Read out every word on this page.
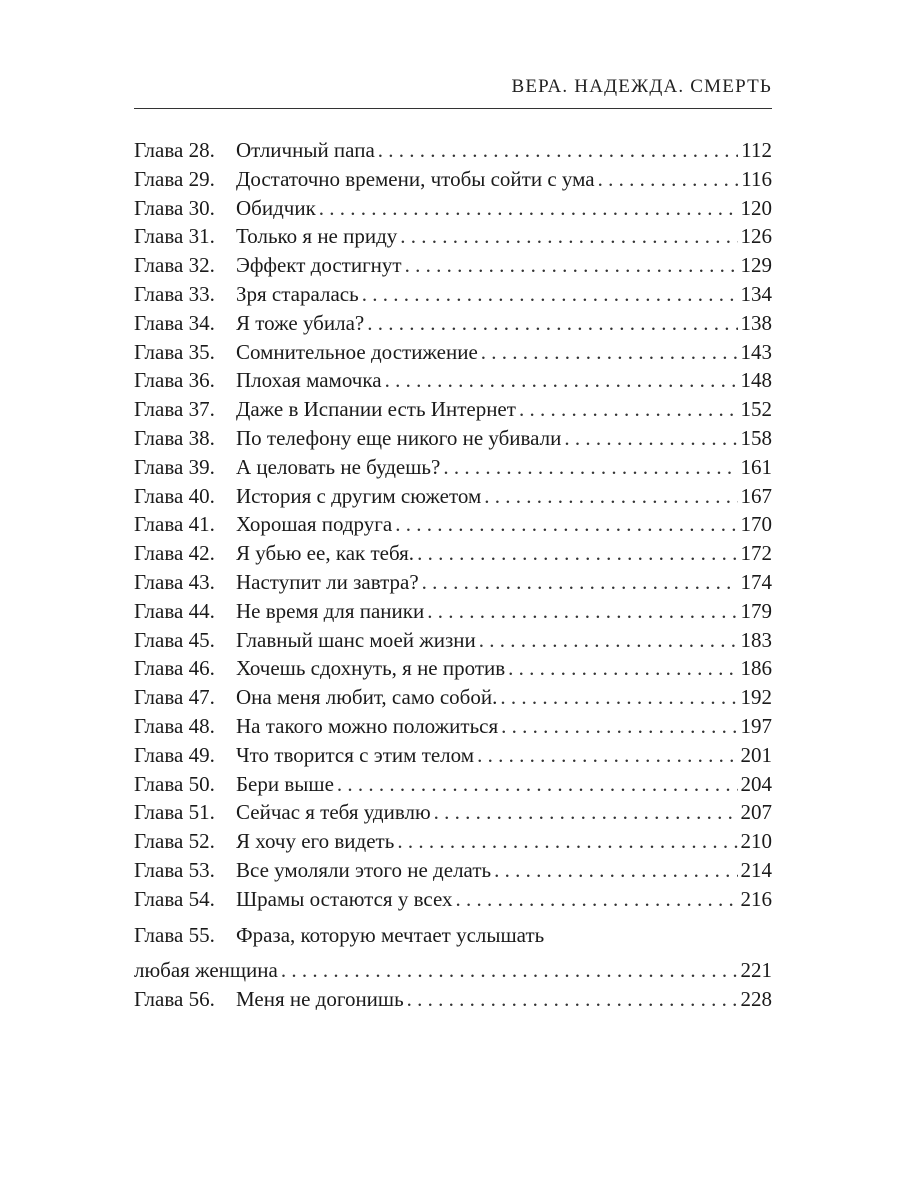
ВЕРА. НАДЕЖДА. СМЕРТЬ
Глава 28.	Отличный папа . . .	112
Глава 29.	Достаточно времени, чтобы сойти с ума . . .	116
Глава 30.	Обидчик . . .	120
Глава 31.	Только я не приду . . .	126
Глава 32.	Эффект достигнут . . .	129
Глава 33.	Зря старалась . . .	134
Глава 34.	Я тоже убила? . . .	138
Глава 35.	Сомнительное достижение . . .	143
Глава 36.	Плохая мамочка . . .	148
Глава 37.	Даже в Испании есть Интернет . . .	152
Глава 38.	По телефону еще никого не убивали . . .	158
Глава 39.	А целовать не будешь? . . .	161
Глава 40.	История с другим сюжетом . . .	167
Глава 41.	Хорошая подруга . . .	170
Глава 42.	Я убью ее, как тебя. . . .	172
Глава 43.	Наступит ли завтра? . . .	174
Глава 44.	Не время для паники . . .	179
Глава 45.	Главный шанс моей жизни . . .	183
Глава 46.	Хочешь сдохнуть, я не против . . .	186
Глава 47.	Она меня любит, само собой. . . .	192
Глава 48.	На такого можно положиться . . .	197
Глава 49.	Что творится с этим телом . . .	201
Глава 50.	Бери выше . . .	204
Глава 51.	Сейчас я тебя удивлю . . .	207
Глава 52.	Я хочу его видеть . . .	210
Глава 53.	Все умоляли этого не делать . . .	214
Глава 54.	Шрамы остаются у всех . . .	216
Глава 55.	Фраза, которую мечтает услышать
любая женщина . . .	221
Глава 56.	Меня не догонишь . . .	228
